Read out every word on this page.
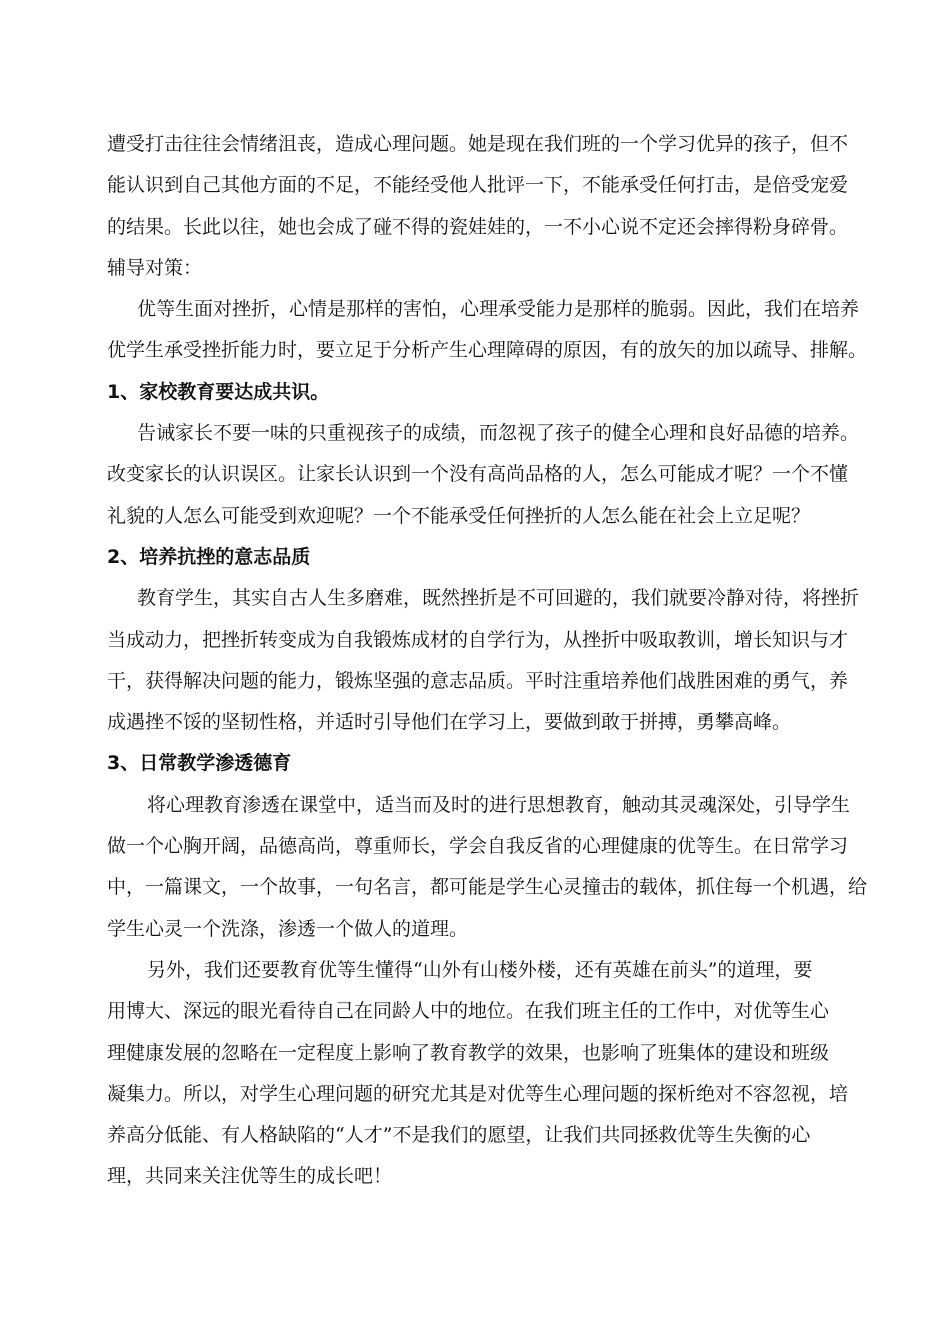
遭受打击往往会情绪沮丧，造成心理问题。她是现在我们班的一个学习优异的孩子，但不
能认识到自己其他方面的不足，不能经受他人批评一下，不能承受任何打击，是倍受宠爱
的结果。长此以往，她也会成了碰不得的瓷娃娃的，一不小心说不定还会摔得粉身碎骨。
辅导对策：
优等生面对挫折，心情是那样的害怕，心理承受能力是那样的脆弱。因此，我们在培养
优学生承受挫折能力时，要立足于分析产生心理障碍的原因，有的放矢的加以疏导、排解。
1、家校教育要达成共识。
告诫家长不要一味的只重视孩子的成绩，而忽视了孩子的健全心理和良好品德的培养。
改变家长的认识误区。让家长认识到一个没有高尚品格的人，怎么可能成才呢？一个不懂
礼貌的人怎么可能受到欢迎呢？一个不能承受任何挫折的人怎么能在社会上立足呢？
2、培养抗挫的意志品质
教育学生，其实自古人生多磨难，既然挫折是不可回避的，我们就要冷静对待，将挫折
当成动力，把挫折转变成为自我锻炼成材的自学行为，从挫折中吸取教训，增长知识与才
干，获得解决问题的能力，锻炼坚强的意志品质。平时注重培养他们战胜困难的勇气，养
成遇挫不馁的坚韧性格，并适时引导他们在学习上，要做到敢于拼搏，勇攀高峰。
3、日常教学渗透德育
将心理教育渗透在课堂中，适当而及时的进行思想教育，触动其灵魂深处，引导学生
做一个心胸开阔，品德高尚，尊重师长，学会自我反省的心理健康的优等生。在日常学习
中，一篇课文，一个故事，一句名言，都可能是学生心灵撞击的载体，抓住每一个机遇，给
学生心灵一个洗涤，渗透一个做人的道理。
另外，我们还要教育优等生懂得“山外有山楼外楼，还有英雄在前头”的道理，要
用博大、深远的眼光看待自己在同龄人中的地位。在我们班主任的工作中，对优等生心
理健康发展的忽略在一定程度上影响了教育教学的效果，也影响了班集体的建设和班级
凝集力。所以，对学生心理问题的研究尤其是对优等生心理问题的探析绝对不容忽视，培
养高分低能、有人格缺陷的“人才”不是我们的愿望，让我们共同拯救优等生失衡的心
理，共同来关注优等生的成长吧！
